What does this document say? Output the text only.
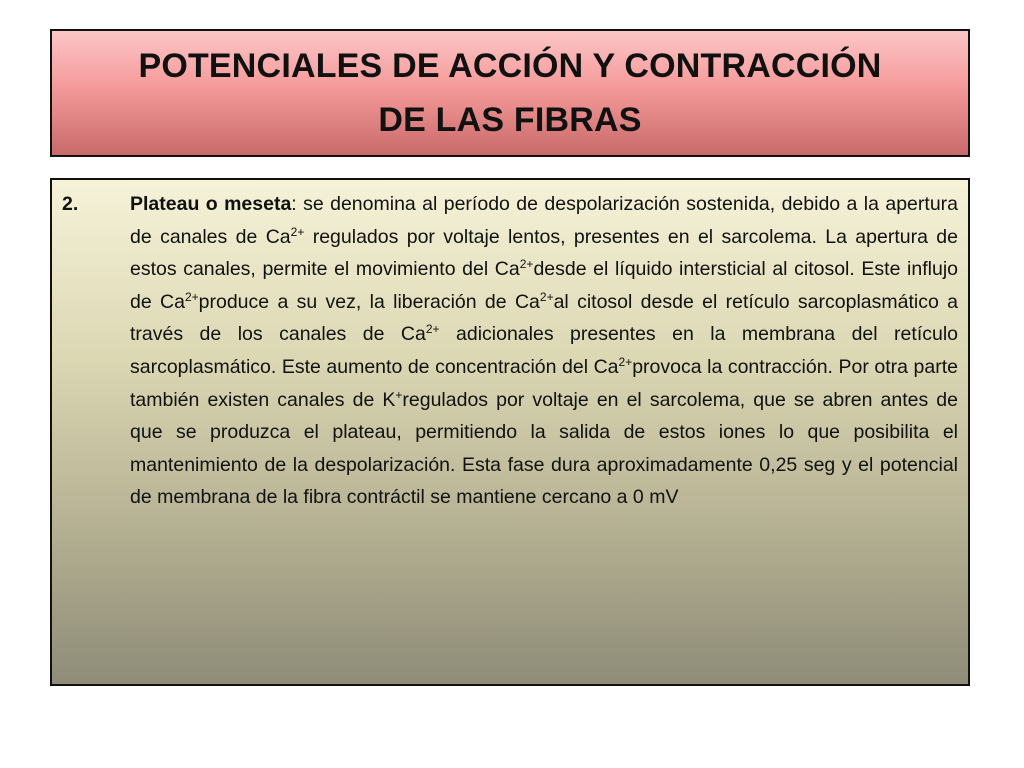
POTENCIALES DE ACCIÓN Y CONTRACCIÓN
DE LAS FIBRAS
2.	Plateau o meseta: se denomina al período de despolarización sostenida, debido a la apertura de canales de $Ca^{2+}$ regulados por voltaje lentos, presentes en el sarcolema. La apertura de estos canales, permite el movimiento del $Ca^{2+}desde$ el líquido intersticial al citosol. Este influjo de $Ca^{2+}produce$ a su vez, la liberación de $Ca^{2+}al$ citosol desde el retículo sarcoplasmático a través de los canales de $Ca^{2+}$ adicionales presentes en la membrana del retículo sarcoplasmático. Este aumento de concentración del $Ca^{2+}provoca$ la contracción. Por otra parte también existen canales de K+regulados por voltaje en el sarcolema, que se abren antes de que se produzca el plateau, permitiendo la salida de estos iones lo que posibilita el mantenimiento de la despolarización. Esta fase dura aproximadamente 0,25 seg y el potencial de membrana de la fibra contráctil se mantiene cercano a 0 mV
